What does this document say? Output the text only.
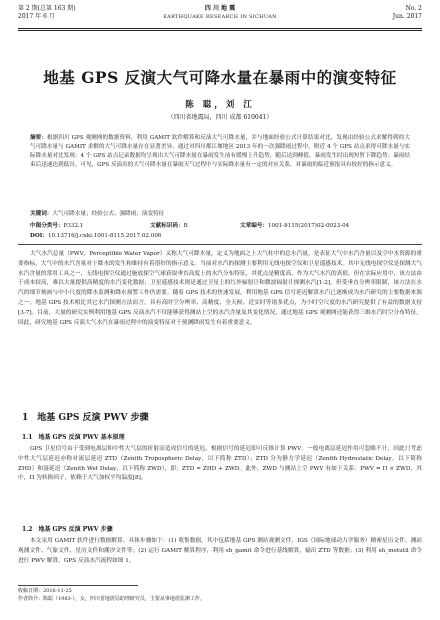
第 2 期(总第 163 期)
2017 年 6 月
四 川 地 震
EARTHQUAKE RESEARCH IN SICHUAN
No. 2
Jun. 2017
地基 GPS 反演大气可降水量在暴雨中的演变特征
陈 聪，刘 江
（四川省地震局，四川 成都 610041）
摘要：根据四川 GPS 观测网的数据资料，利用 GAMIT 软件解算和反演大气可降水量，并与地面经验公式计算结果对比，发现由经验公式求解得到的大气可降水量与 GAMIT 求解的大气可降水量存在显著差异，通过对四川都江堰地区 2013 年的一次强降雨过程中，附近 4 个 GPS 站点求得可降水量与实际降水量对比发现：4 个 GPS 站点记录数据均呈现出大气可降水量在暴雨发生前有缓慢上升趋势，随后达到峰值，暴雨发生时出现短暂下降趋势；暴雨结束后迅速达到低谷。可见，GPS 反演出的大气可降水量在暴雨天气过程中与实际降水量有一定的对应关系，对暴雨的临近预报具有较好的指示意义。
关键词：大气可降水量；经验公式；强降雨；演变特征
中图分类号：P332.1	文献标识码：B	文章编号：1001-8115(2017)02-0023-04
DOI：10.13716/j.cnki.1001-8115.2017.02.006
大气水汽总量（PWV，Perceptible Water Vapor）又称大气可降水量，定义为地面之上大气柱中的总水汽量，是表征大气中水汽含量以及空中水资源的重要指标。大气中的水汽含量对于降水的发生和维持有着很好的指示意义。当前对水汽的探测主要利用无线电探空仪和卫星遥感技术。其中无线电探空仪是探测大气水汽含量的常用工具之一，无线电探空仪通过施放探空气球获取垂直高度上的水汽分布特征，其优点是精度高、作为大气水汽的真值，但在实际应用中，该方法由于成本较高，难以大量提供高精度的水汽变化数据；卫星遥感技术则是通过卫星上的红外辐射计和微波辐射计探测水汽[1-2]，但受垂直分辨率限制，该方法在水汽的细节刻画与中小尺度的降水监测和降水预警工作仍需要。随着 GPS 技术的快速发展，利用地基 GPS 信号延迟解算水汽已逐渐成为水汽研究的主要数据来源之一。地基 GPS 技术相比其它水汽探测方法而言，具有高时空分辨率、高精度、全天候、近实时等诸多优点，为小时空尺度的水汽研究提供了有益的数据支持[3-7]。目前，大量的研究实例利用地基 GPS 反演水汽不仅能够获得测站上空的水汽含量及其变化情况，通过地基 GPS 观测网还能获得三维水汽时空分布特征。因此，研究地基 GPS 反演大气水汽在暴雨过程中的演变特征对于预测降雨发生有着重要意义。
1　地基 GPS 反演 PWV 步骤
1.1　地基 GPS 反演 PWV 基本原理
GPS 卫星信号由于受到电离层和中性大气层的折射而造成信号的延迟，根据信号的延迟即可反推计算 PWV。一般电离层延迟作用可忽略不计，因此只考虑中性大气层延迟亦称对流层延迟 ZTD（Zenith Tropospheric Delay，以下简称 ZTD）；ZTD 分为静力学延迟（Zenith Hydrostatic Delay，以下简称 ZHD）和湿延迟（Zenith Wet Delay，以下简称 ZWD），即：ZTD = ZHD + ZWD。此外，ZWD 与测站上空 PWV 有如下关系：PWV = Π × ZWD，其中，Π 为转换因子，依赖于大气加权平均温度[8]。
1.2　地基 GPS 反演 PWV 步骤
本文采用 GAMIT 软件进行数据解算。具体步骤如下：(1) 收集数据，其中包括地基 GPS 测站观测文件、IGS（国际地球动力学服务）精密星历文件、测站观测文件、气象文件、星历文件和潮汐文件等；(2) 运行 GAMIT 解算程序，利用 sh_gamit 命令进行基线解算，输出 ZTD 等数据；(3) 利用 sh_metutil 命令进行 PWV 解算。GPS 反演水汽流程如图 1。
收稿日期：2016-11-25
作者简介：陈聪（1983-），女，四川省地震局助理研究员，主要从事地震监测工作。
